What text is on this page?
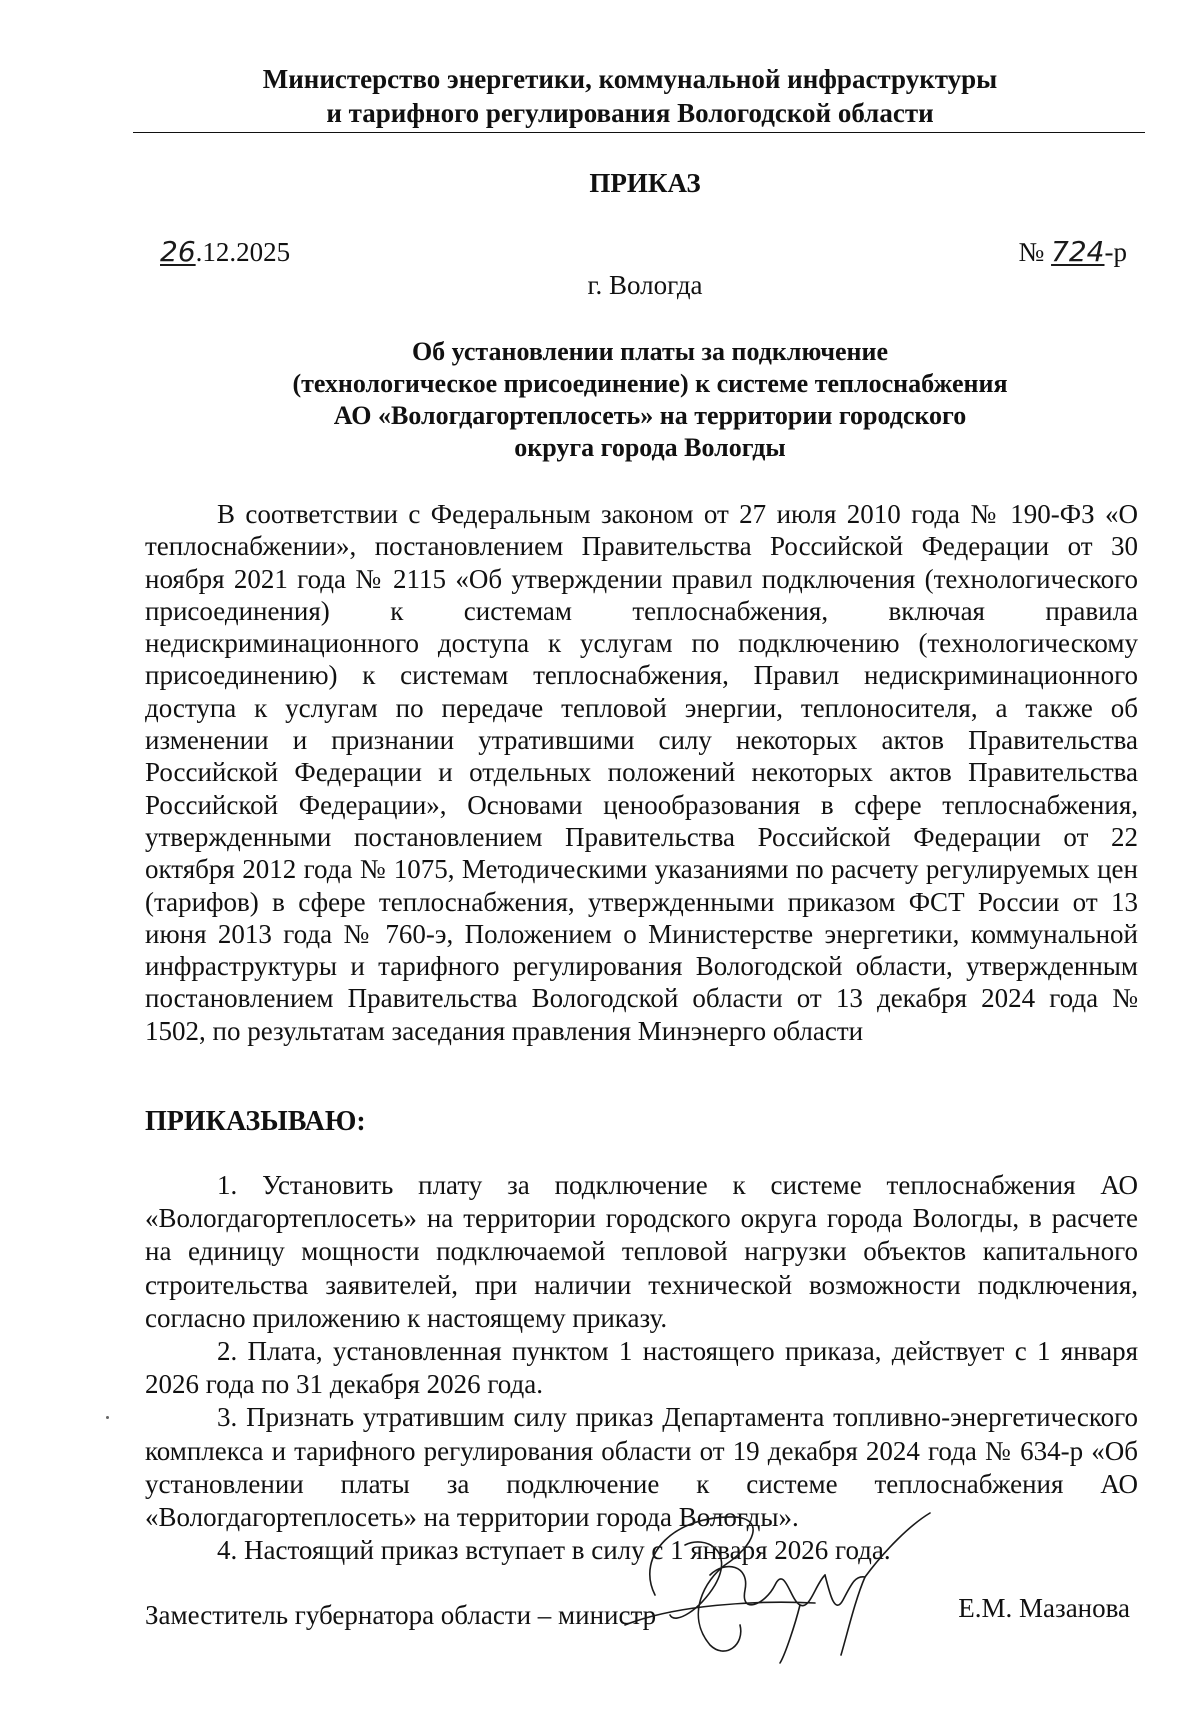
Министерство энергетики, коммунальной инфраструктуры
и тарифного регулирования Вологодской области
ПРИКАЗ
26.12.2025	№ 724-р
г. Вологда
Об установлении платы за подключение
(технологическое присоединение) к системе теплоснабжения
АО «Вологдагортеплосеть» на территории городского
округа города Вологды

В соответствии с Федеральным законом от 27 июля 2010 года № 190-ФЗ «О теплоснабжении», постановлением Правительства Российской Федерации от 30 ноября 2021 года № 2115 «Об утверждении правил подключения (технологического присоединения) к системам теплоснабжения, включая правила недискриминационного доступа к услугам по подключению (технологическому присоединению) к системам теплоснабжения, Правил недискриминационного доступа к услугам по передаче тепловой энергии, теплоносителя, а также об изменении и признании утратившими силу некоторых актов Правительства Российской Федерации и отдельных положений некоторых актов Правительства Российской Федерации», Основами ценообразования в сфере теплоснабжения, утвержденными постановлением Правительства Российской Федерации от 22 октября 2012 года № 1075, Методическими указаниями по расчету регулируемых цен (тарифов) в сфере теплоснабжения, утвержденными приказом ФСТ России от 13 июня 2013 года № 760-э, Положением о Министерстве энергетики, коммунальной инфраструктуры и тарифного регулирования Вологодской области, утвержденным постановлением Правительства Вологодской области от 13 декабря 2024 года № 1502, по результатам заседания правления Минэнерго области

ПРИКАЗЫВАЮ:

1. Установить плату за подключение к системе теплоснабжения АО «Вологдагортеплосеть» на территории городского округа города Вологды, в расчете на единицу мощности подключаемой тепловой нагрузки объектов капитального строительства заявителей, при наличии технической возможности подключения, согласно приложению к настоящему приказу.

2. Плата, установленная пунктом 1 настоящего приказа, действует с 1 января 2026 года по 31 декабря 2026 года.

3. Признать утратившим силу приказ Департамента топливно-энергетического комплекса и тарифного регулирования области от 19 декабря 2024 года № 634-р «Об установлении платы за подключение к системе теплоснабжения АО «Вологдагортеплосеть» на территории города Вологды».

4. Настоящий приказ вступает в силу с 1 января 2026 года.

Заместитель губернатора области – министр	Е.М. Мазанова
